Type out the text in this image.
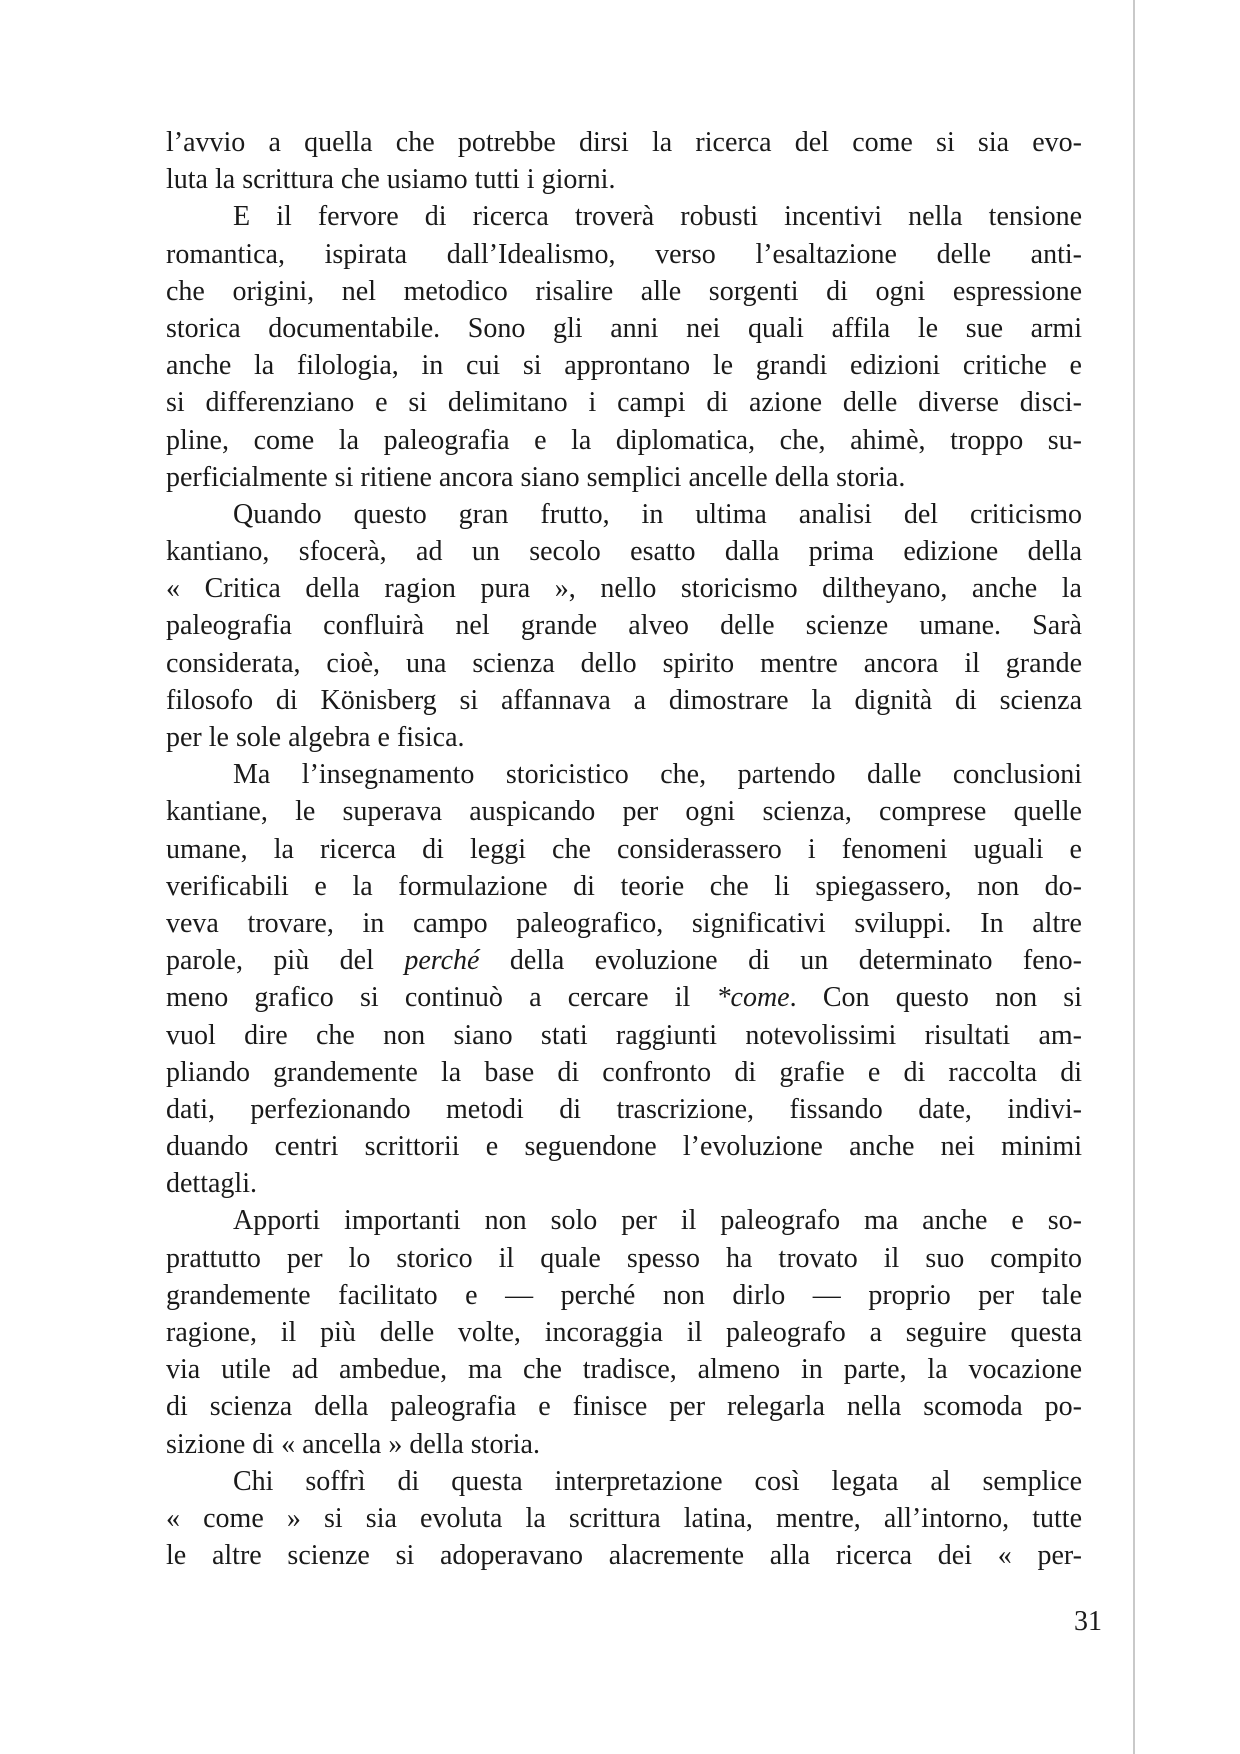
l’avvio a quella che potrebbe dirsi la ricerca del come si sia evo-
luta la scrittura che usiamo tutti i giorni.
E il fervore di ricerca troverà robusti incentivi nella tensione
romantica, ispirata dall’Idealismo, verso l’esaltazione delle anti-
che origini, nel metodico risalire alle sorgenti di ogni espressione
storica documentabile. Sono gli anni nei quali affila le sue armi
anche la filologia, in cui si approntano le grandi edizioni critiche e
si differenziano e si delimitano i campi di azione delle diverse disci-
pline, come la paleografia e la diplomatica, che, ahimè, troppo su-
perficialmente si ritiene ancora siano semplici ancelle della storia.
Quando questo gran frutto, in ultima analisi del criticismo
kantiano, sfocerà, ad un secolo esatto dalla prima edizione della
« Critica della ragion pura », nello storicismo diltheyano, anche la
paleografia confluirà nel grande alveo delle scienze umane. Sarà
considerata, cioè, una scienza dello spirito mentre ancora il grande
filosofo di Könisberg si affannava a dimostrare la dignità di scienza
per le sole algebra e fisica.
Ma l’insegnamento storicistico che, partendo dalle conclusioni
kantiane, le superava auspicando per ogni scienza, comprese quelle
umane, la ricerca di leggi che considerassero i fenomeni uguali e
verificabili e la formulazione di teorie che li spiegassero, non do-
veva trovare, in campo paleografico, significativi sviluppi. In altre
parole, più del perché della evoluzione di un determinato feno-
meno grafico si continuò a cercare il *come. Con questo non si
vuol dire che non siano stati raggiunti notevolissimi risultati am-
pliando grandemente la base di confronto di grafie e di raccolta di
dati, perfezionando metodi di trascrizione, fissando date, indivi-
duando centri scrittorii e seguendone l’evoluzione anche nei minimi
dettagli.
Apporti importanti non solo per il paleografo ma anche e so-
prattutto per lo storico il quale spesso ha trovato il suo compito
grandemente facilitato e — perché non dirlo — proprio per tale
ragione, il più delle volte, incoraggia il paleografo a seguire questa
via utile ad ambedue, ma che tradisce, almeno in parte, la vocazione
di scienza della paleografia e finisce per relegarla nella scomoda po-
sizione di « ancella » della storia.
Chi soffrì di questa interpretazione così legata al semplice
« come » si sia evoluta la scrittura latina, mentre, all’intorno, tutte
le altre scienze si adoperavano alacremente alla ricerca dei « per-
31
